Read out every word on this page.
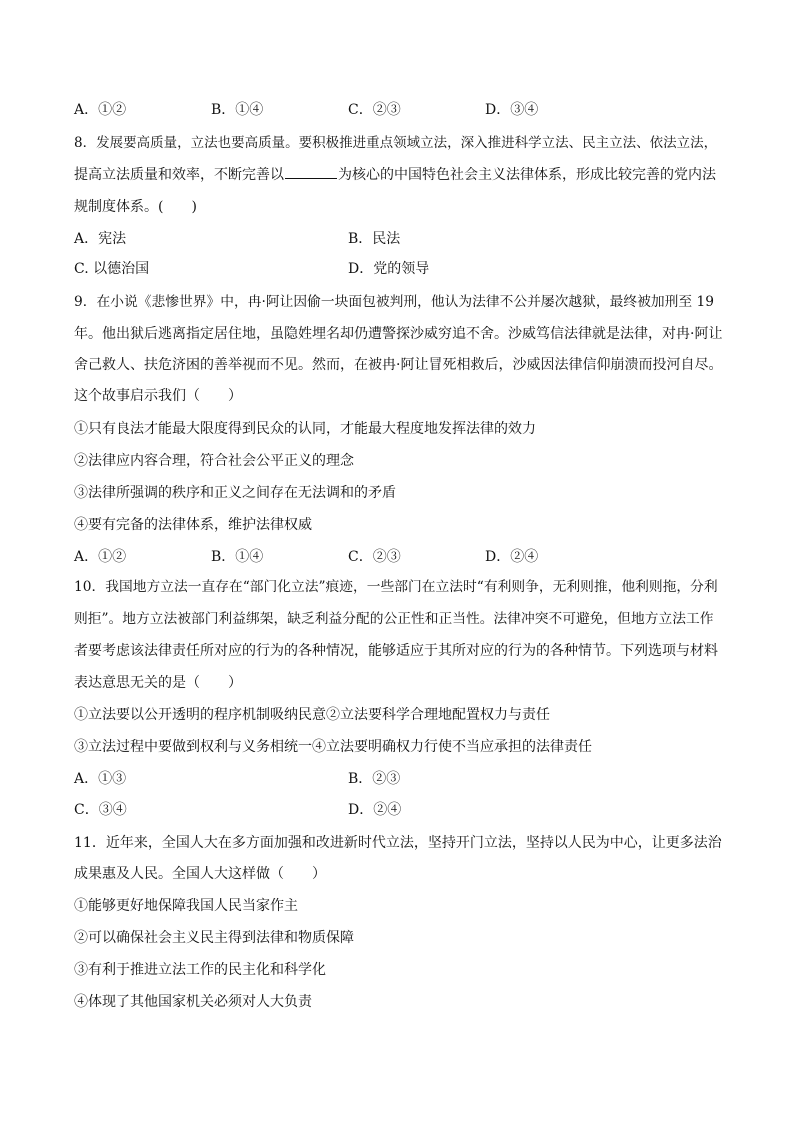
A．①②	B．①④	C．②③	D．③④
8．发展要高质量，立法也要高质量。要积极推进重点领域立法，深入推进科学立法、民主立法、依法立法，
提高立法质量和效率，不断完善以	为核心的中国特色社会主义法律体系，形成比较完善的党内法
规制度体系。(　　)
A．宪法	B．民法
C. 以德治国	D．党的领导
9．在小说《悲惨世界》中，冉·阿让因偷一块面包被判刑，他认为法律不公并屡次越狱，最终被加刑至 19
年。他出狱后逃离指定居住地，虽隐姓埋名却仍遭警探沙威穷追不舍。沙威笃信法律就是法律，对冉·阿让
舍己救人、扶危济困的善举视而不见。然而，在被冉·阿让冒死相救后，沙威因法律信仰崩溃而投河自尽。
这个故事启示我们（　　）
①只有良法才能最大限度得到民众的认同，才能最大程度地发挥法律的效力
②法律应内容合理，符合社会公平正义的理念
③法律所强调的秩序和正义之间存在无法调和的矛盾
④要有完备的法律体系，维护法律权威
A．①②	B．①④	C．②③	D．②④
10．我国地方立法一直存在“部门化立法”痕迹，一些部门在立法时“有利则争，无利则推，他利则拖，分利
则拒”。地方立法被部门利益绑架，缺乏利益分配的公正性和正当性。法律冲突不可避免，但地方立法工作
者要考虑该法律责任所对应的行为的各种情况，能够适应于其所对应的行为的各种情节。下列选项与材料
表达意思无关的是（　　）
①立法要以公开透明的程序机制吸纳民意②立法要科学合理地配置权力与责任
③立法过程中要做到权利与义务相统一④立法要明确权力行使不当应承担的法律责任
A．①③	B．②③
C．③④	D．②④
11．近年来，全国人大在多方面加强和改进新时代立法，坚持开门立法，坚持以人民为中心，让更多法治
成果惠及人民。全国人大这样做（　　）
①能够更好地保障我国人民当家作主
②可以确保社会主义民主得到法律和物质保障
③有利于推进立法工作的民主化和科学化
④体现了其他国家机关必须对人大负责
